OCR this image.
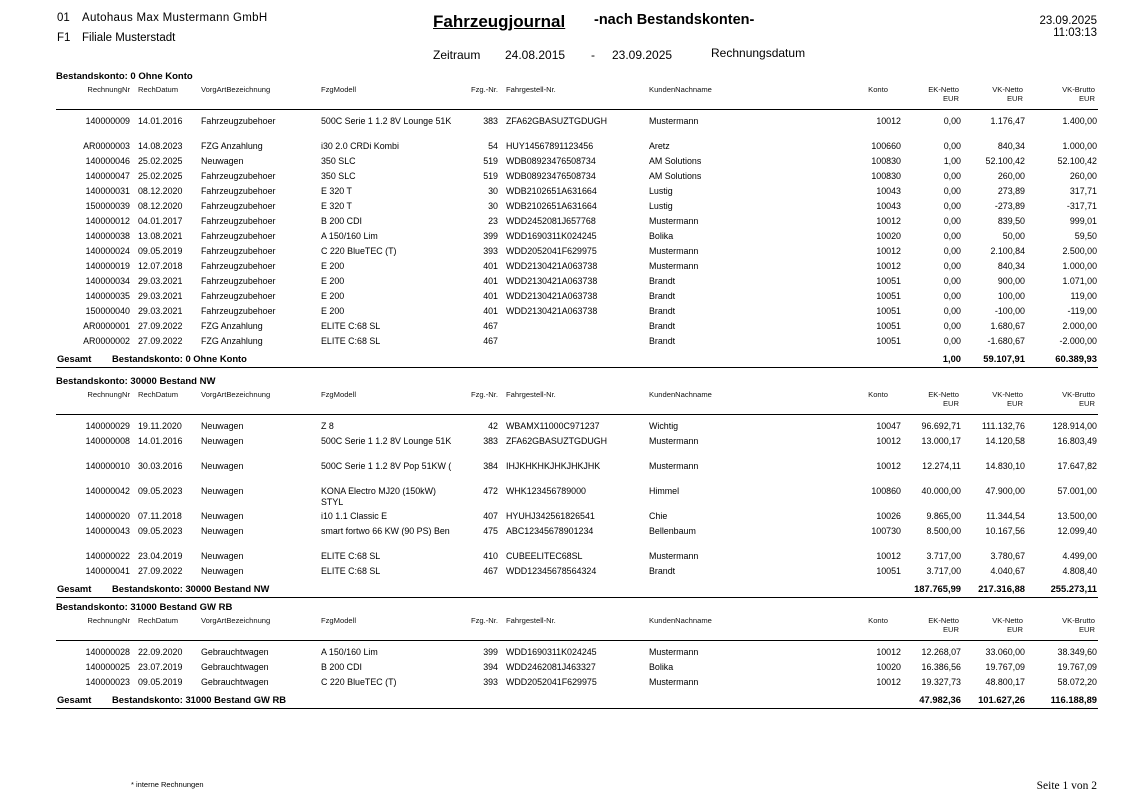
01 Autohaus Max Mustermann GmbH
F1 Filiale Musterstadt
Fahrzeugjournal -nach Bestandskonten-
Zeitraum 24.08.2015 - 23.09.2025	Rechnungsdatum
23.09.2025
11:03:13
Bestandskonto: 0 Ohne Konto
RechnungNr RechDatum	VorgArtBezeichnung	FzgModell	Fzg.-Nr. Fahrgestell-Nr.	KundenNachname	Konto	EK-Netto
EUR
VK-Netto
EUR
VK-Brutto
EUR
140000009 14.01.2016	Fahrzeugzubehoer	500C Serie 1 1.2 8V Lounge 51K	383 ZFA62GBASUZTGDUGH	Mustermann	10012	0,00	1.176,47	1.400,00
AR0000003 14.08.2023	FZG Anzahlung	i30 2.0 CRDi Kombi	54 HUY14567891123456	Aretz	100660	0,00	840,34	1.000,00
140000046 25.02.2025	Neuwagen	350 SLC	519 WDB08923476508734	AM Solutions	100830	1,00	52.100,42	52.100,42
140000047 25.02.2025	Fahrzeugzubehoer	350 SLC	519 WDB08923476508734	AM Solutions	100830	0,00	260,00	260,00
140000031 08.12.2020	Fahrzeugzubehoer	E 320 T	30 WDB2102651A631664	Lustig	10043	0,00	273,89	317,71
150000039 08.12.2020	Fahrzeugzubehoer	E 320 T	30 WDB2102651A631664	Lustig	10043	0,00	-273,89	-317,71
140000012 04.01.2017	Fahrzeugzubehoer	B 200 CDI	23 WDD2452081J657768	Mustermann	10012	0,00	839,50	999,01
140000038 13.08.2021	Fahrzeugzubehoer	A 150/160 Lim	399 WDD1690311K024245	Bolika	10020	0,00	50,00	59,50
140000024 09.05.2019	Fahrzeugzubehoer	C 220 BlueTEC (T)	393 WDD2052041F629975	Mustermann	10012	0,00	2.100,84	2.500,00
140000019 12.07.2018	Fahrzeugzubehoer	E 200	401 WDD2130421A063738	Mustermann	10012	0,00	840,34	1.000,00
140000034 29.03.2021	Fahrzeugzubehoer	E 200	401 WDD2130421A063738	Brandt	10051	0,00	900,00	1.071,00
140000035 29.03.2021	Fahrzeugzubehoer	E 200	401 WDD2130421A063738	Brandt	10051	0,00	100,00	119,00
150000040 29.03.2021	Fahrzeugzubehoer	E 200	401 WDD2130421A063738	Brandt	10051	0,00	-100,00	-119,00
AR0000001 27.09.2022	FZG Anzahlung	ELITE C:68 SL	467	Brandt	10051	0,00	1.680,67	2.000,00
AR0000002 27.09.2022	FZG Anzahlung	ELITE C:68 SL	467	Brandt	10051	0,00	-1.680,67	-2.000,00
Gesamt Bestandskonto: 0 Ohne Konto	1,00	59.107,91	60.389,93
Bestandskonto: 30000 Bestand NW
RechnungNr RechDatum	VorgArtBezeichnung	FzgModell	Fzg.-Nr. Fahrgestell-Nr.	KundenNachname	Konto	EK-Netto
EUR
VK-Netto
EUR
VK-Brutto
EUR
140000029 19.11.2020	Neuwagen	Z 8	42 WBAMX11000C971237	Wichtig	10047	96.692,71	111.132,76	128.914,00
140000008 14.01.2016	Neuwagen	500C Serie 1 1.2 8V Lounge 51K	383 ZFA62GBASUZTGDUGH	Mustermann	10012	13.000,17	14.120,58	16.803,49
140000010 30.03.2016	Neuwagen	500C Serie 1 1.2 8V Pop 51KW (	384 IHJKHKHKJHKJHKJHK	Mustermann	10012	12.274,11	14.830,10	17.647,82
140000042 09.05.2023	Neuwagen	KONA Electro MJ20 (150kW) STYL
472 WHK123456789000	Himmel	100860	40.000,00	47.900,00	57.001,00
140000020 07.11.2018	Neuwagen	i10 1.1 Classic E	407 HYUHJ342561826541	Chie	10026	9.865,00	11.344,54	13.500,00
140000043 09.05.2023	Neuwagen	smart fortwo 66 KW (90 PS) Ben	475 ABC12345678901234	Bellenbaum	100730	8.500,00	10.167,56	12.099,40
140000022 23.04.2019	Neuwagen	ELITE C:68 SL	410 CUBEELITEC68SL	Mustermann	10012	3.717,00	3.780,67	4.499,00
140000041 27.09.2022	Neuwagen	ELITE C:68 SL	467 WDD12345678564324	Brandt	10051	3.717,00	4.040,67	4.808,40
Gesamt Bestandskonto: 30000 Bestand NW	187.765,99	217.316,88	255.273,11
Bestandskonto: 31000 Bestand GW RB
RechnungNr RechDatum	VorgArtBezeichnung	FzgModell	Fzg.-Nr. Fahrgestell-Nr.	KundenNachname	Konto	EK-Netto
EUR
VK-Netto
EUR
VK-Brutto
EUR
140000028 22.09.2020	Gebrauchtwagen	A 150/160 Lim	399 WDD1690311K024245	Mustermann	10012	12.268,07	33.060,00	38.349,60
140000025 23.07.2019	Gebrauchtwagen	B 200 CDI	394 WDD2462081J463327	Bolika	10020	16.386,56	19.767,09	19.767,09
140000023 09.05.2019	Gebrauchtwagen	C 220 BlueTEC (T)	393 WDD2052041F629975	Mustermann	10012	19.327,73	48.800,17	58.072,20
Gesamt Bestandskonto: 31000 Bestand GW RB	47.982,36	101.627,26	116.188,89
* interne Rechnungen	Seite 1 von 2
